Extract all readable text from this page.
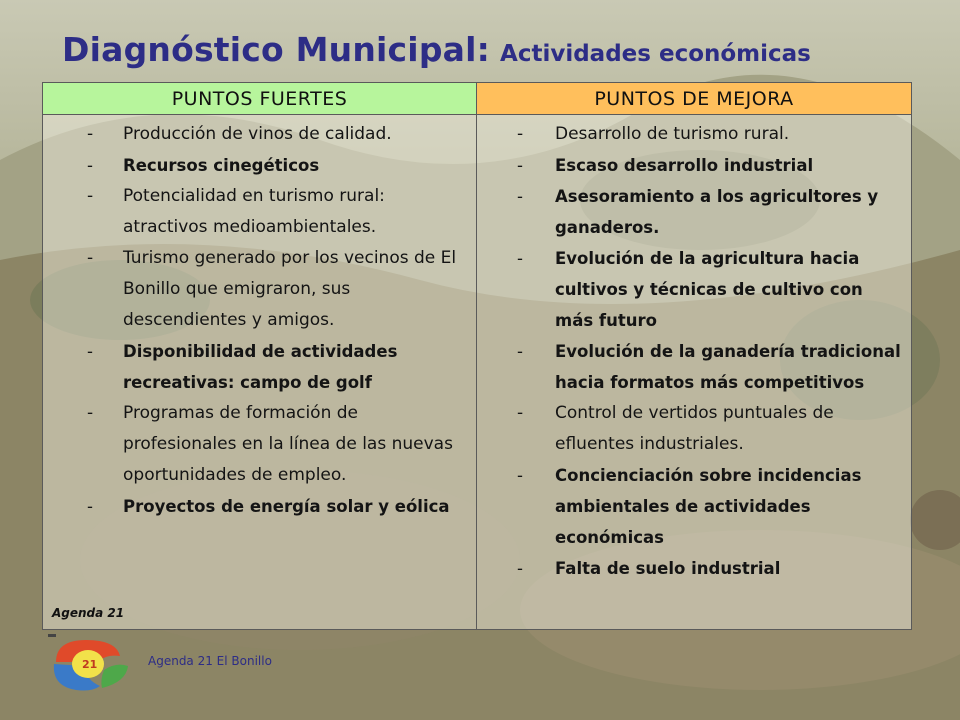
Diagnóstico Municipal: Actividades económicas
PUNTOS FUERTES	PUNTOS DE MEJORA
- Producción de vinos de calidad.
- Recursos cinegéticos
- Potencialidad en turismo rural: atractivos medioambientales.
- Turismo generado por los vecinos de El Bonillo que emigraron, sus descendientes y amigos.
- Disponibilidad de actividades recreativas: campo de golf
- Programas de formación de profesionales en la línea de las nuevas oportunidades de empleo.
- Proyectos de energía solar y eólica
- Desarrollo de turismo rural.
- Escaso desarrollo industrial
- Asesoramiento a los agricultores y ganaderos.
- Evolución de la agricultura hacia cultivos y técnicas de cultivo con más futuro
- Evolución de la ganadería tradicional hacia formatos más competitivos
- Control de vertidos puntuales de efluentes industriales.
- Concienciación sobre incidencias ambientales de actividades económicas
- Falta de suelo industrial
Agenda 21
21	Agenda 21 El Bonillo
